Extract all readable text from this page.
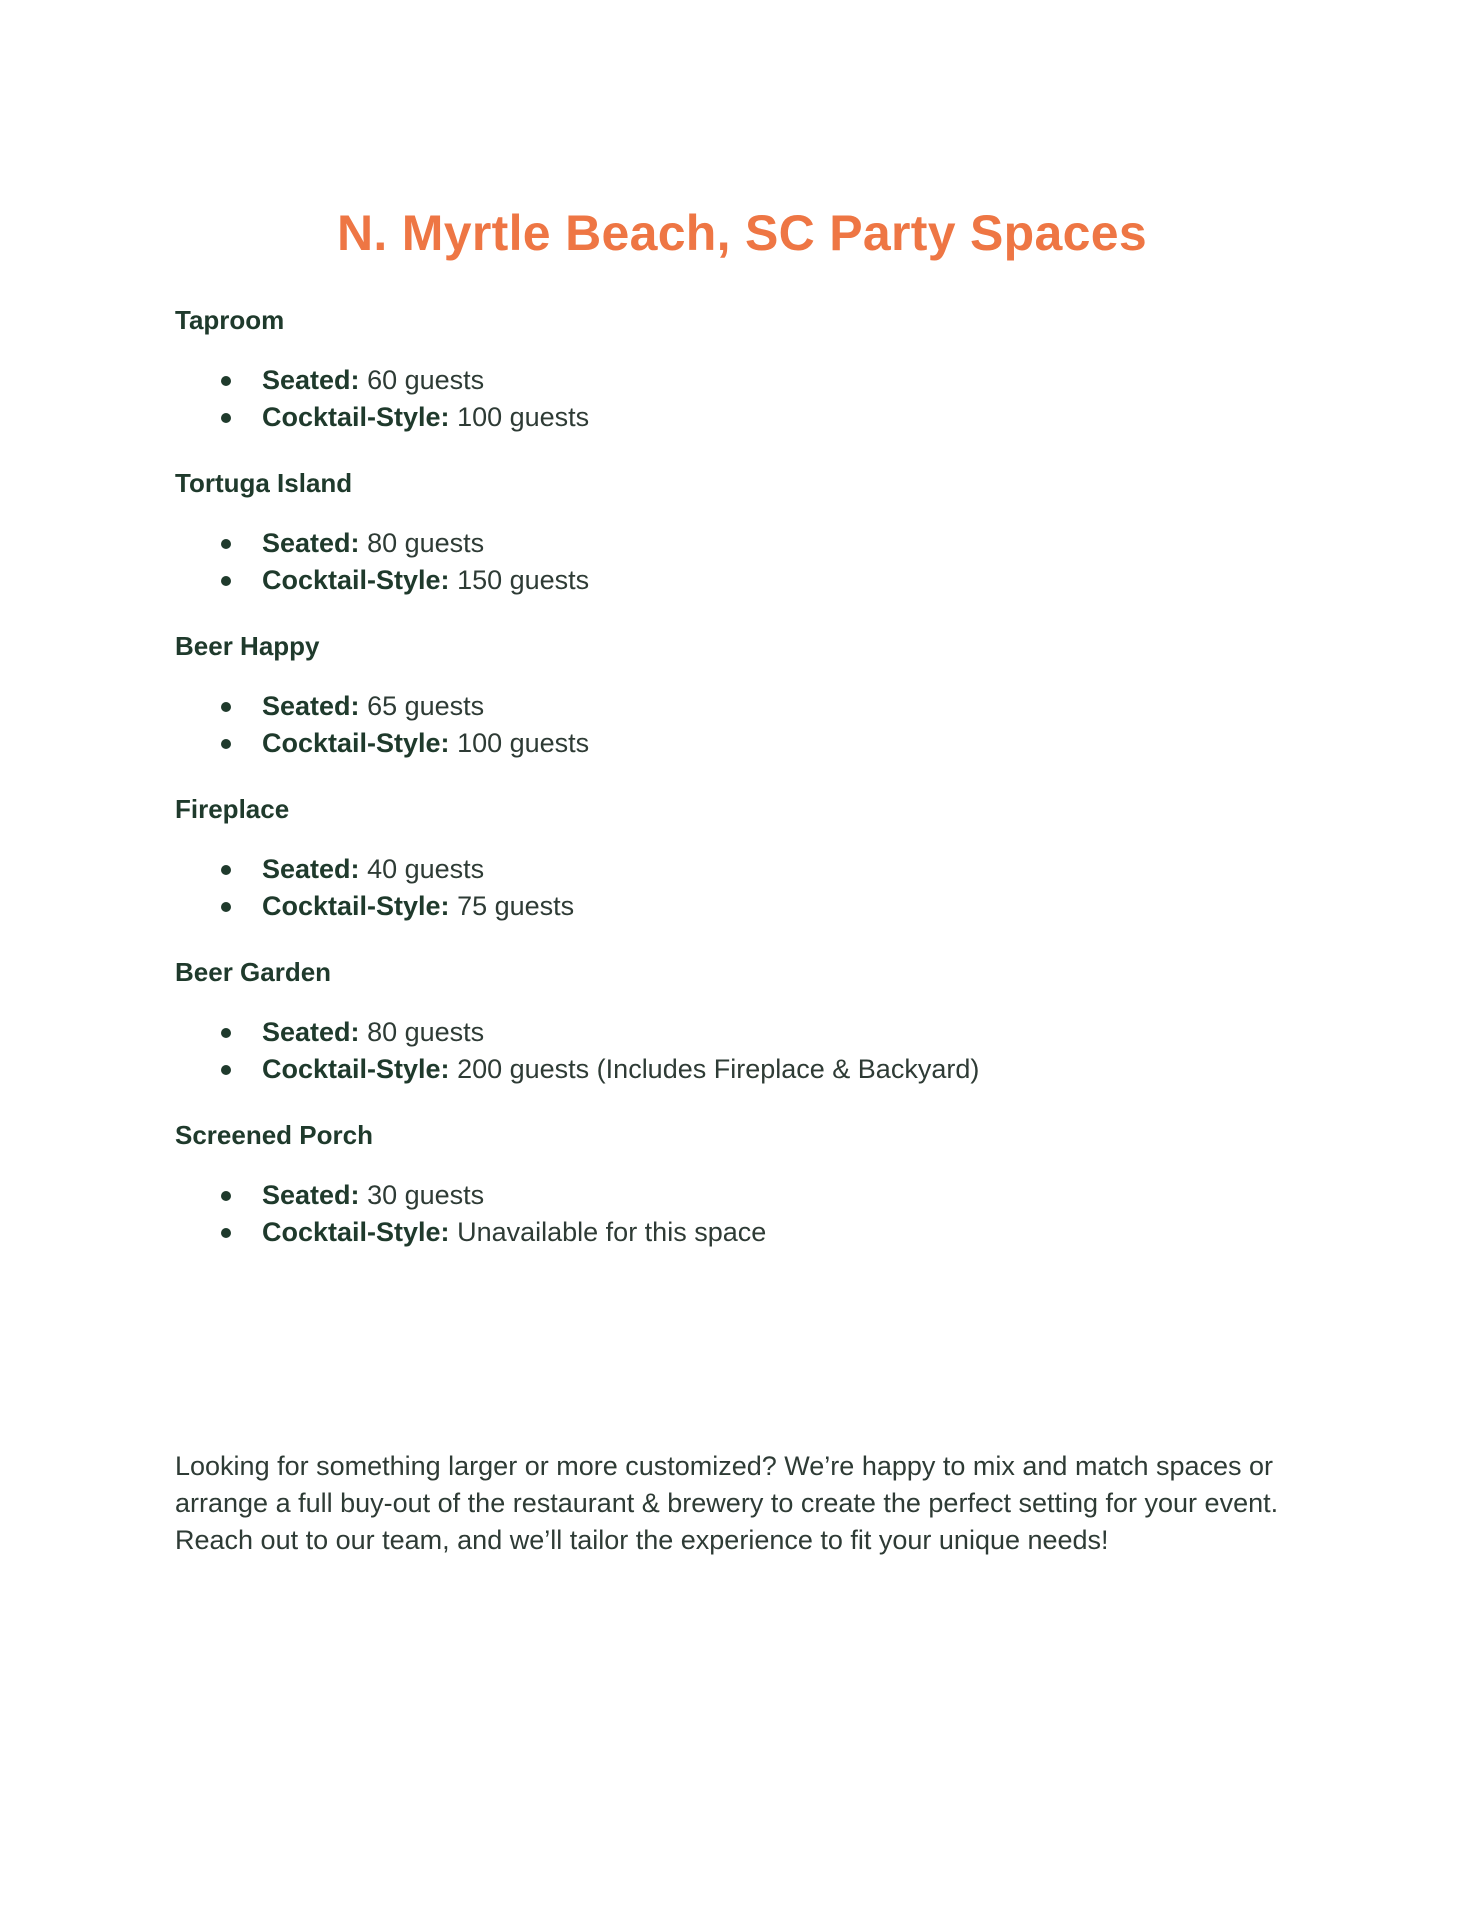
N. Myrtle Beach, SC Party Spaces
Taproom
Seated: 60 guests
Cocktail-Style: 100 guests
Tortuga Island
Seated: 80 guests
Cocktail-Style: 150 guests
Beer Happy
Seated: 65 guests
Cocktail-Style: 100 guests
Fireplace
Seated: 40 guests
Cocktail-Style: 75 guests
Beer Garden
Seated: 80 guests
Cocktail-Style: 200 guests (Includes Fireplace & Backyard)
Screened Porch
Seated: 30 guests
Cocktail-Style: Unavailable for this space

Looking for something larger or more customized? We’re happy to mix and match spaces or arrange a full buy-out of the restaurant & brewery to create the perfect setting for your event. Reach out to our team, and we’ll tailor the experience to fit your unique needs!
